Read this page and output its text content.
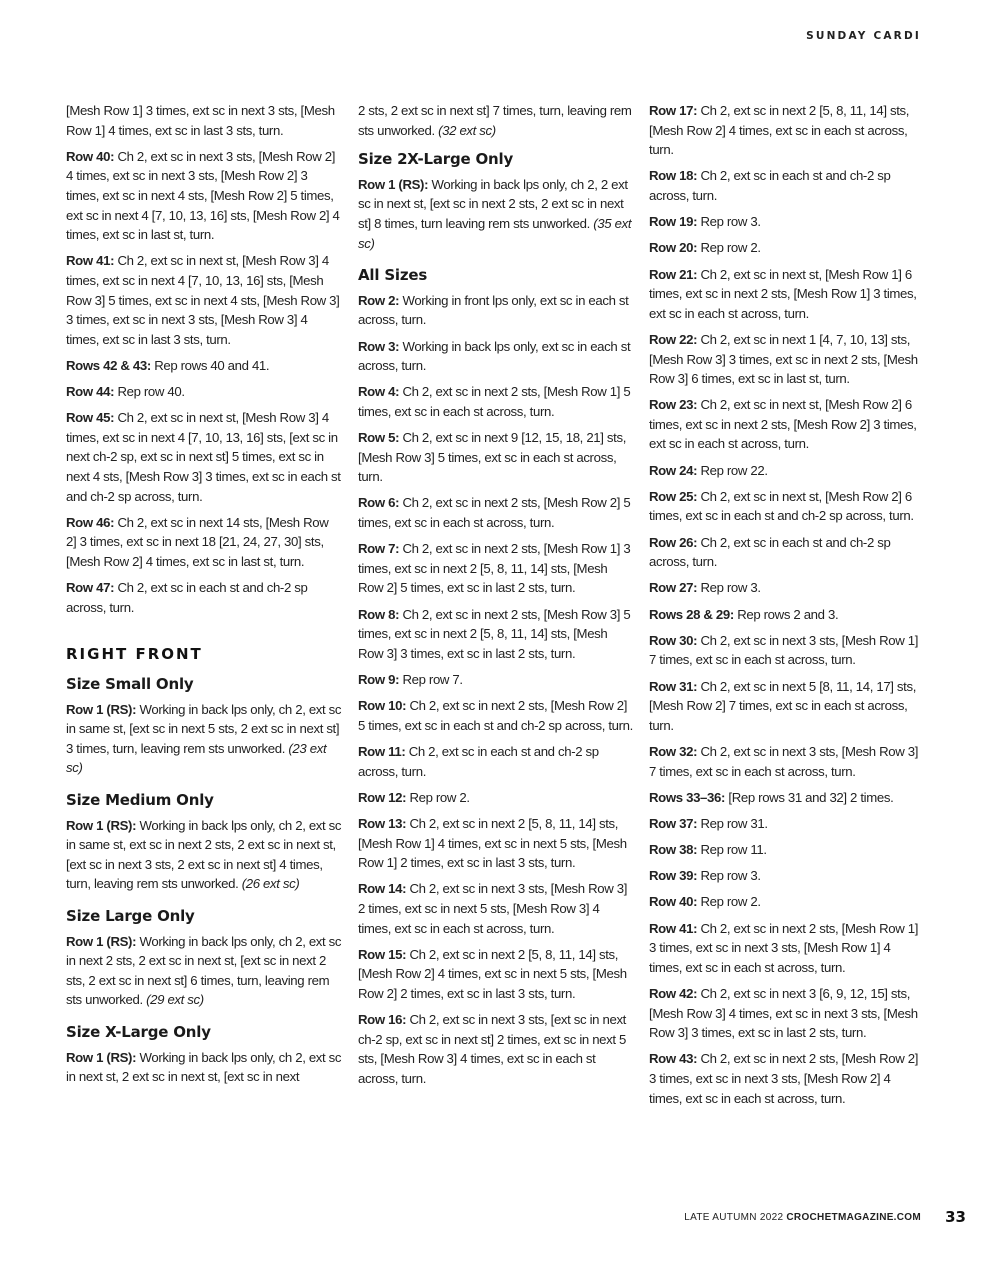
SUNDAY CARDI

[Mesh Row 1] 3 times, ext sc in next 3 sts, [Mesh Row 1] 4 times, ext sc in last 3 sts, turn.

Row 40: Ch 2, ext sc in next 3 sts, [Mesh Row 2] 4 times, ext sc in next 3 sts, [Mesh Row 2] 3 times, ext sc in next 4 sts, [Mesh Row 2] 5 times, ext sc in next 4 [7, 10, 13, 16] sts, [Mesh Row 2] 4 times, ext sc in last st, turn.

Row 41: Ch 2, ext sc in next st, [Mesh Row 3] 4 times, ext sc in next 4 [7, 10, 13, 16] sts, [Mesh Row 3] 5 times, ext sc in next 4 sts, [Mesh Row 3] 3 times, ext sc in next 3 sts, [Mesh Row 3] 4 times, ext sc in last 3 sts, turn.

Rows 42 & 43: Rep rows 40 and 41.

Row 44: Rep row 40.

Row 45: Ch 2, ext sc in next st, [Mesh Row 3] 4 times, ext sc in next 4 [7, 10, 13, 16] sts, [ext sc in next ch-2 sp, ext sc in next st] 5 times, ext sc in next 4 sts, [Mesh Row 3] 3 times, ext sc in each st and ch-2 sp across, turn.

Row 46: Ch 2, ext sc in next 14 sts, [Mesh Row 2] 3 times, ext sc in next 18 [21, 24, 27, 30] sts, [Mesh Row 2] 4 times, ext sc in last st, turn.

Row 47: Ch 2, ext sc in each st and ch-2 sp across, turn.

RIGHT FRONT
Size Small Only

Row 1 (RS): Working in back lps only, ch 2, ext sc in same st, [ext sc in next 5 sts, 2 ext sc in next st] 3 times, turn, leaving rem sts unworked. (23 ext sc)

Size Medium Only

Row 1 (RS): Working in back lps only, ch 2, ext sc in same st, ext sc in next 2 sts, 2 ext sc in next st, [ext sc in next 3 sts, 2 ext sc in next st] 4 times, turn, leaving rem sts unworked. (26 ext sc)

Size Large Only

Row 1 (RS): Working in back lps only, ch 2, ext sc in next 2 sts, 2 ext sc in next st, [ext sc in next 2 sts, 2 ext sc in next st] 6 times, turn, leaving rem sts unworked. (29 ext sc)

Size X-Large Only

Row 1 (RS): Working in back lps only, ch 2, ext sc in next st, 2 ext sc in next st, [ext sc in next

2 sts, 2 ext sc in next st] 7 times, turn, leaving rem sts unworked. (32 ext sc)

Size 2X-Large Only

Row 1 (RS): Working in back lps only, ch 2, 2 ext sc in next st, [ext sc in next 2 sts, 2 ext sc in next st] 8 times, turn leaving rem sts unworked. (35 ext sc)

All Sizes

Row 2: Working in front lps only, ext sc in each st across, turn.

Row 3: Working in back lps only, ext sc in each st across, turn.

Row 4: Ch 2, ext sc in next 2 sts, [Mesh Row 1] 5 times, ext sc in each st across, turn.

Row 5: Ch 2, ext sc in next 9 [12, 15, 18, 21] sts, [Mesh Row 3] 5 times, ext sc in each st across, turn.

Row 6: Ch 2, ext sc in next 2 sts, [Mesh Row 2] 5 times, ext sc in each st across, turn.

Row 7: Ch 2, ext sc in next 2 sts, [Mesh Row 1] 3 times, ext sc in next 2 [5, 8, 11, 14] sts, [Mesh Row 2] 5 times, ext sc in last 2 sts, turn.

Row 8: Ch 2, ext sc in next 2 sts, [Mesh Row 3] 5 times, ext sc in next 2 [5, 8, 11, 14] sts, [Mesh Row 3] 3 times, ext sc in last 2 sts, turn.

Row 9: Rep row 7.

Row 10: Ch 2, ext sc in next 2 sts, [Mesh Row 2] 5 times, ext sc in each st and ch-2 sp across, turn.

Row 11: Ch 2, ext sc in each st and ch-2 sp across, turn.

Row 12: Rep row 2.

Row 13: Ch 2, ext sc in next 2 [5, 8, 11, 14] sts, [Mesh Row 1] 4 times, ext sc in next 5 sts, [Mesh Row 1] 2 times, ext sc in last 3 sts, turn.

Row 14: Ch 2, ext sc in next 3 sts, [Mesh Row 3] 2 times, ext sc in next 5 sts, [Mesh Row 3] 4 times, ext sc in each st across, turn.

Row 15: Ch 2, ext sc in next 2 [5, 8, 11, 14] sts, [Mesh Row 2] 4 times, ext sc in next 5 sts, [Mesh Row 2] 2 times, ext sc in last 3 sts, turn.

Row 16: Ch 2, ext sc in next 3 sts, [ext sc in next ch-2 sp, ext sc in next st] 2 times, ext sc in next 5 sts, [Mesh Row 3] 4 times, ext sc in each st across, turn.

Row 17: Ch 2, ext sc in next 2 [5, 8, 11, 14] sts, [Mesh Row 2] 4 times, ext sc in each st across, turn.

Row 18: Ch 2, ext sc in each st and ch-2 sp across, turn.

Row 19: Rep row 3.

Row 20: Rep row 2.

Row 21: Ch 2, ext sc in next st, [Mesh Row 1] 6 times, ext sc in next 2 sts, [Mesh Row 1] 3 times, ext sc in each st across, turn.

Row 22: Ch 2, ext sc in next 1 [4, 7, 10, 13] sts, [Mesh Row 3] 3 times, ext sc in next 2 sts, [Mesh Row 3] 6 times, ext sc in last st, turn.

Row 23: Ch 2, ext sc in next st, [Mesh Row 2] 6 times, ext sc in next 2 sts, [Mesh Row 2] 3 times, ext sc in each st across, turn.

Row 24: Rep row 22.

Row 25: Ch 2, ext sc in next st, [Mesh Row 2] 6 times, ext sc in each st and ch-2 sp across, turn.

Row 26: Ch 2, ext sc in each st and ch-2 sp across, turn.

Row 27: Rep row 3.

Rows 28 & 29: Rep rows 2 and 3.

Row 30: Ch 2, ext sc in next 3 sts, [Mesh Row 1] 7 times, ext sc in each st across, turn.

Row 31: Ch 2, ext sc in next 5 [8, 11, 14, 17] sts, [Mesh Row 2] 7 times, ext sc in each st across, turn.

Row 32: Ch 2, ext sc in next 3 sts, [Mesh Row 3] 7 times, ext sc in each st across, turn.

Rows 33–36: [Rep rows 31 and 32] 2 times.

Row 37: Rep row 31.

Row 38: Rep row 11.

Row 39: Rep row 3.

Row 40: Rep row 2.

Row 41: Ch 2, ext sc in next 2 sts, [Mesh Row 1] 3 times, ext sc in next 3 sts, [Mesh Row 1] 4 times, ext sc in each st across, turn.

Row 42: Ch 2, ext sc in next 3 [6, 9, 12, 15] sts, [Mesh Row 3] 4 times, ext sc in next 3 sts, [Mesh Row 3] 3 times, ext sc in last 2 sts, turn.

Row 43: Ch 2, ext sc in next 2 sts, [Mesh Row 2] 3 times, ext sc in next 3 sts, [Mesh Row 2] 4 times, ext sc in each st across, turn.

LATE AUTUMN 2022 CROCHETMAGAZINE.COM 33
